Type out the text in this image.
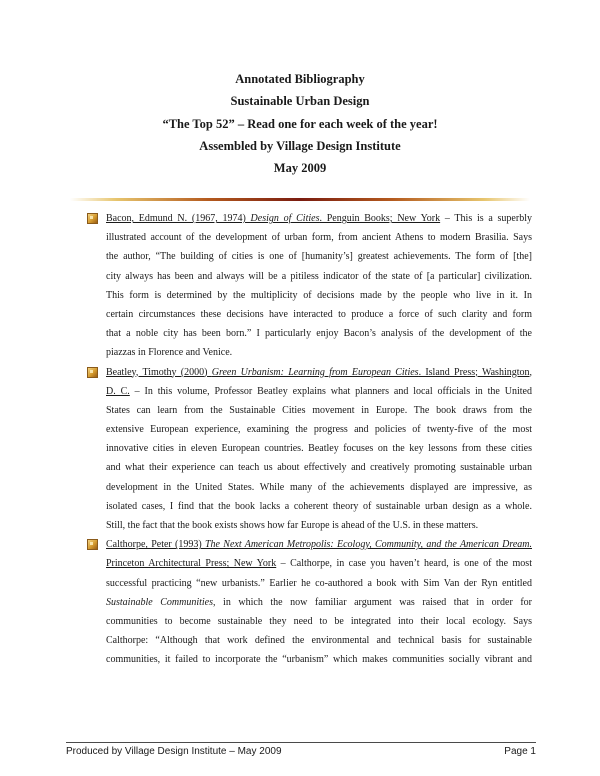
Annotated Bibliography
Sustainable Urban Design
“The Top 52” – Read one for each week of the year!
Assembled by Village Design Institute
May 2009
Bacon, Edmund N. (1967, 1974) Design of Cities. Penguin Books; New York – This is a superbly
illustrated account of the development of urban form, from ancient Athens to modern Brasilia. Says
the author, “The building of cities is one of [humanity’s] greatest achievements. The form of [the]
city always has been and always will be a pitiless indicator of the state of [a particular] civilization.
This form is determined by the multiplicity of decisions made by the people who live in it. In
certain circumstances these decisions have interacted to produce a force of such clarity and form
that a noble city has been born.” I particularly enjoy Bacon’s analysis of the development of the
piazzas in Florence and Venice.
Beatley, Timothy (2000) Green Urbanism: Learning from European Cities. Island Press; Washington,
D. C. – In this volume, Professor Beatley explains what planners and local officials in the United
States can learn from the Sustainable Cities movement in Europe. The book draws from the
extensive European experience, examining the progress and policies of twenty-five of the most
innovative cities in eleven European countries. Beatley focuses on the key lessons from these cities
and what their experience can teach us about effectively and creatively promoting sustainable urban
development in the United States. While many of the achievements displayed are impressive, as
isolated cases, I find that the book lacks a coherent theory of sustainable urban design as a whole.
Still, the fact that the book exists shows how far Europe is ahead of the U.S. in these matters.
Calthorpe, Peter (1993) The Next American Metropolis: Ecology, Community, and the American Dream.
Princeton Architectural Press; New York – Calthorpe, in case you haven’t heard, is one of the most
successful practicing “new urbanists.” Earlier he co-authored a book with Sim Van der Ryn entitled
Sustainable Communities, in which the now familiar argument was raised that in order for
communities to become sustainable they need to be integrated into their local ecology. Says
Calthorpe: “Although that work defined the environmental and technical basis for sustainable
communities, it failed to incorporate the “urbanism” which makes communities socially vibrant and
Produced by Village Design Institute – May 2009	Page 1
